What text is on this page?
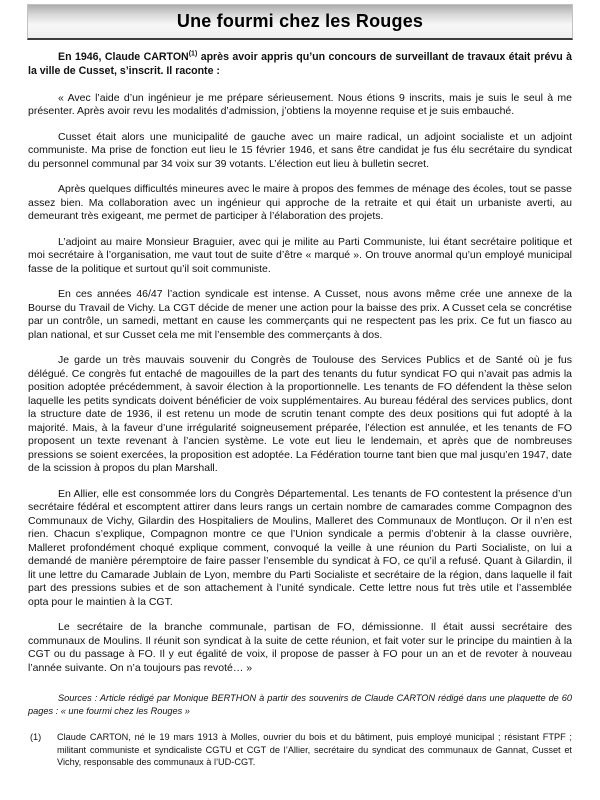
Une fourmi chez les Rouges

En 1946, Claude CARTON$^{(1)}$ après avoir appris qu’un concours de surveillant de travaux était prévu à la ville de Cusset, s’inscrit. Il raconte :

« Avec l’aide d’un ingénieur je me prépare sérieusement. Nous étions 9 inscrits, mais je suis le seul à me présenter. Après avoir revu les modalités d’admission, j’obtiens la moyenne requise et je suis embauché.

Cusset était alors une municipalité de gauche avec un maire radical, un adjoint socialiste et un adjoint communiste. Ma prise de fonction eut lieu le 15 février 1946, et sans être candidat je fus élu secrétaire du syndicat du personnel communal par 34 voix sur 39 votants. L’élection eut lieu à bulletin secret.

Après quelques difficultés mineures avec le maire à propos des femmes de ménage des écoles, tout se passe assez bien. Ma collaboration avec un ingénieur qui approche de la retraite et qui était un urbaniste averti, au demeurant très exigeant, me permet de participer à l’élaboration des projets.

L’adjoint au maire Monsieur Braguier, avec qui je milite au Parti Communiste, lui étant secrétaire politique et moi secrétaire à l’organisation, me vaut tout de suite d’être « marqué ». On trouve anormal qu’un employé municipal fasse de la politique et surtout qu’il soit communiste.

En ces années 46/47 l’action syndicale est intense. A Cusset, nous avons même crée une annexe de la Bourse du Travail de Vichy. La CGT décide de mener une action pour la baisse des prix. A Cusset cela se concrétise par un contrôle, un samedi, mettant en cause les commerçants qui ne respectent pas les prix. Ce fut un fiasco au plan national, et sur Cusset cela me mit l’ensemble des commerçants à dos.

Je garde un très mauvais souvenir du Congrès de Toulouse des Services Publics et de Santé où je fus délégué. Ce congrès fut entaché de magouilles de la part des tenants du futur syndicat FO qui n’avait pas admis la position adoptée précédemment, à savoir élection à la proportionnelle. Les tenants de FO défendent la thèse selon laquelle les petits syndicats doivent bénéficier de voix supplémentaires. Au bureau fédéral des services publics, dont la structure date de 1936, il est retenu un mode de scrutin tenant compte des deux positions qui fut adopté à la majorité. Mais, à la faveur d’une irrégularité soigneusement préparée, l’élection est annulée, et les tenants de FO proposent un texte revenant à l’ancien système. Le vote eut lieu le lendemain, et après que de nombreuses pressions se soient exercées, la proposition est adoptée. La Fédération tourne tant bien que mal jusqu’en 1947, date de la scission à propos du plan Marshall.

En Allier, elle est consommée lors du Congrès Départemental. Les tenants de FO contestent la présence d’un secrétaire fédéral et escomptent attirer dans leurs rangs un certain nombre de camarades comme Compagnon des Communaux de Vichy, Gilardin des Hospitaliers de Moulins, Malleret des Communaux de Montluçon. Or il n’en est rien. Chacun s’explique, Compagnon montre ce que l’Union syndicale a permis d’obtenir à la classe ouvrière, Malleret profondément choqué explique comment, convoqué la veille à une réunion du Parti Socialiste, on lui a demandé de manière péremptoire de faire passer l’ensemble du syndicat à FO, ce qu’il a refusé. Quant à Gilardin, il lit une lettre du Camarade Jublain de Lyon, membre du Parti Socialiste et secrétaire de la région, dans laquelle il fait part des pressions subies et de son attachement à l’unité syndicale. Cette lettre nous fut très utile et l’assemblée opta pour le maintien à la CGT.

Le secrétaire de la branche communale, partisan de FO, démissionne. Il était aussi secrétaire des communaux de Moulins. Il réunit son syndicat à la suite de cette réunion, et fait voter sur le principe du maintien à la CGT ou du passage à FO. Il y eut égalité de voix, il propose de passer à FO pour un an et de revoter à nouveau l’année suivante. On n’a toujours pas revoté… »

Sources : Article rédigé par Monique BERTHON à partir des souvenirs de Claude CARTON rédigé dans une plaquette de 60 pages : « une fourmi chez les Rouges »

(1)	Claude CARTON, né le 19 mars 1913 à Molles, ouvrier du bois et du bâtiment, puis employé municipal ; résistant FTPF ; militant communiste et syndicaliste CGTU et CGT de l’Allier, secrétaire du syndicat des communaux de Gannat, Cusset et Vichy, responsable des communaux à l’UD-CGT.
